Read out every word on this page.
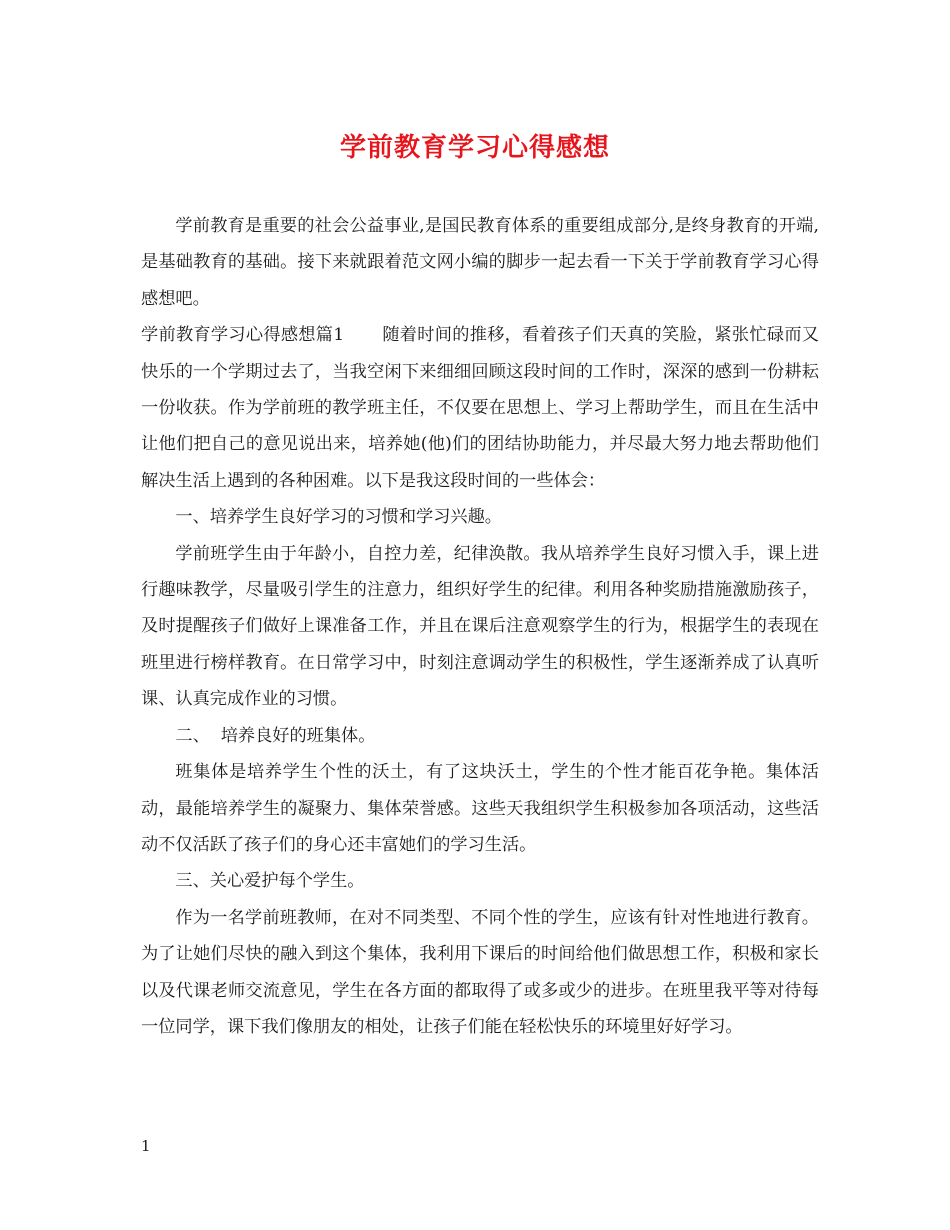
学前教育学习心得感想

学前教育是重要的社会公益事业,是国民教育体系的重要组成部分,是终身教育的开端,是基础教育的基础。接下来就跟着范文网小编的脚步一起去看一下关于学前教育学习心得感想吧。

学前教育学习心得感想篇1 随着时间的推移，看着孩子们天真的笑脸，紧张忙碌而又快乐的一个学期过去了，当我空闲下来细细回顾这段时间的工作时，深深的感到一份耕耘一份收获。作为学前班的教学班主任，不仅要在思想上、学习上帮助学生，而且在生活中让他们把自己的意见说出来，培养她(他)们的团结协助能力，并尽最大努力地去帮助他们解决生活上遇到的各种困难。以下是我这段时间的一些体会：

一、培养学生良好学习的习惯和学习兴趣。

学前班学生由于年龄小，自控力差，纪律涣散。我从培养学生良好习惯入手，课上进行趣味教学，尽量吸引学生的注意力，组织好学生的纪律。利用各种奖励措施激励孩子，及时提醒孩子们做好上课准备工作，并且在课后注意观察学生的行为，根据学生的表现在班里进行榜样教育。在日常学习中，时刻注意调动学生的积极性，学生逐渐养成了认真听课、认真完成作业的习惯。

二、  培养良好的班集体。

班集体是培养学生个性的沃土，有了这块沃土，学生的个性才能百花争艳。集体活动，最能培养学生的凝聚力、集体荣誉感。这些天我组织学生积极参加各项活动，这些活动不仅活跃了孩子们的身心还丰富她们的学习生活。

三、关心爱护每个学生。

作为一名学前班教师，在对不同类型、不同个性的学生，应该有针对性地进行教育。为了让她们尽快的融入到这个集体，我利用下课后的时间给他们做思想工作，积极和家长以及代课老师交流意见，学生在各方面的都取得了或多或少的进步。在班里我平等对待每一位同学，课下我们像朋友的相处，让孩子们能在轻松快乐的环境里好好学习。

1
